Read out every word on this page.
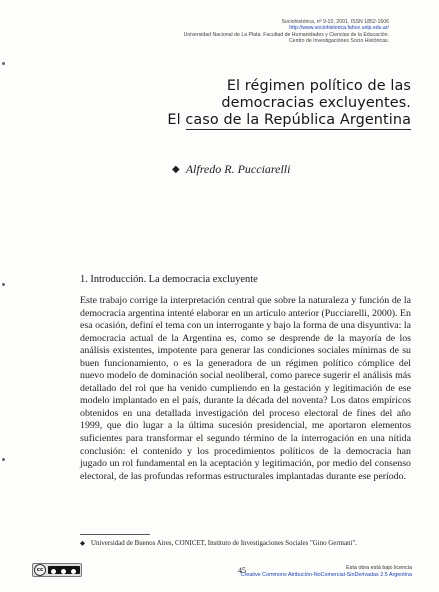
Sociohistórica, nº 9-10, 2001. ISSN 1852-1606
http://www.sociohistorica.fahce.unlp.edu.ar/
Universidad Nacional de La Plata. Facultad de Humanidades y Ciencias de la Educación.
Centro de Investigaciones Socio Históricas.
El régimen político de las
democracias excluyentes.
El caso de la República Argentina
◆ Alfredo R. Pucciarelli
1. Introducción. La democracia excluyente

Este trabajo corrige la interpretación central que sobre la naturaleza y función de la democracia argentina intenté elaborar en un artículo anterior (Pucciarelli, 2000). En esa ocasión, definí el tema con un interrogante y bajo la forma de una disyuntiva: la democracia actual de la Argentina es, como se desprende de la mayoría de los análisis existentes, impotente para generar las condiciones sociales mínimas de su buen funcionamiento, o es la generadora de un régimen político cómplice del nuevo modelo de dominación social neoliberal, como parece sugerir el análisis más detallado del rol que ha venido cumpliendo en la gestación y legitimación de ese modelo implantado en el país, durante la década del noventa? Los datos empíricos obtenidos en una detallada investigación del proceso electoral de fines del año 1999, que dio lugar a la última sucesión presidencial, me aportaron elementos suficientes para transformar el segundo término de la interrogación en una nítida conclusión: el contenido y los procedimientos políticos de la democracia han jugado un rol fundamental en la aceptación y legitimación, por medio del consenso electoral, de las profundas reformas estructurales implantadas durante ese período.

◆ Universidad de Buenos Aires, CONICET, Instituto de Investigaciones Sociales "Gino Germani".
cc	45	Esta obra está bajo licencia
Creative Commons Atribución-NoComercial-SinDerivadas 2.5 Argentina
